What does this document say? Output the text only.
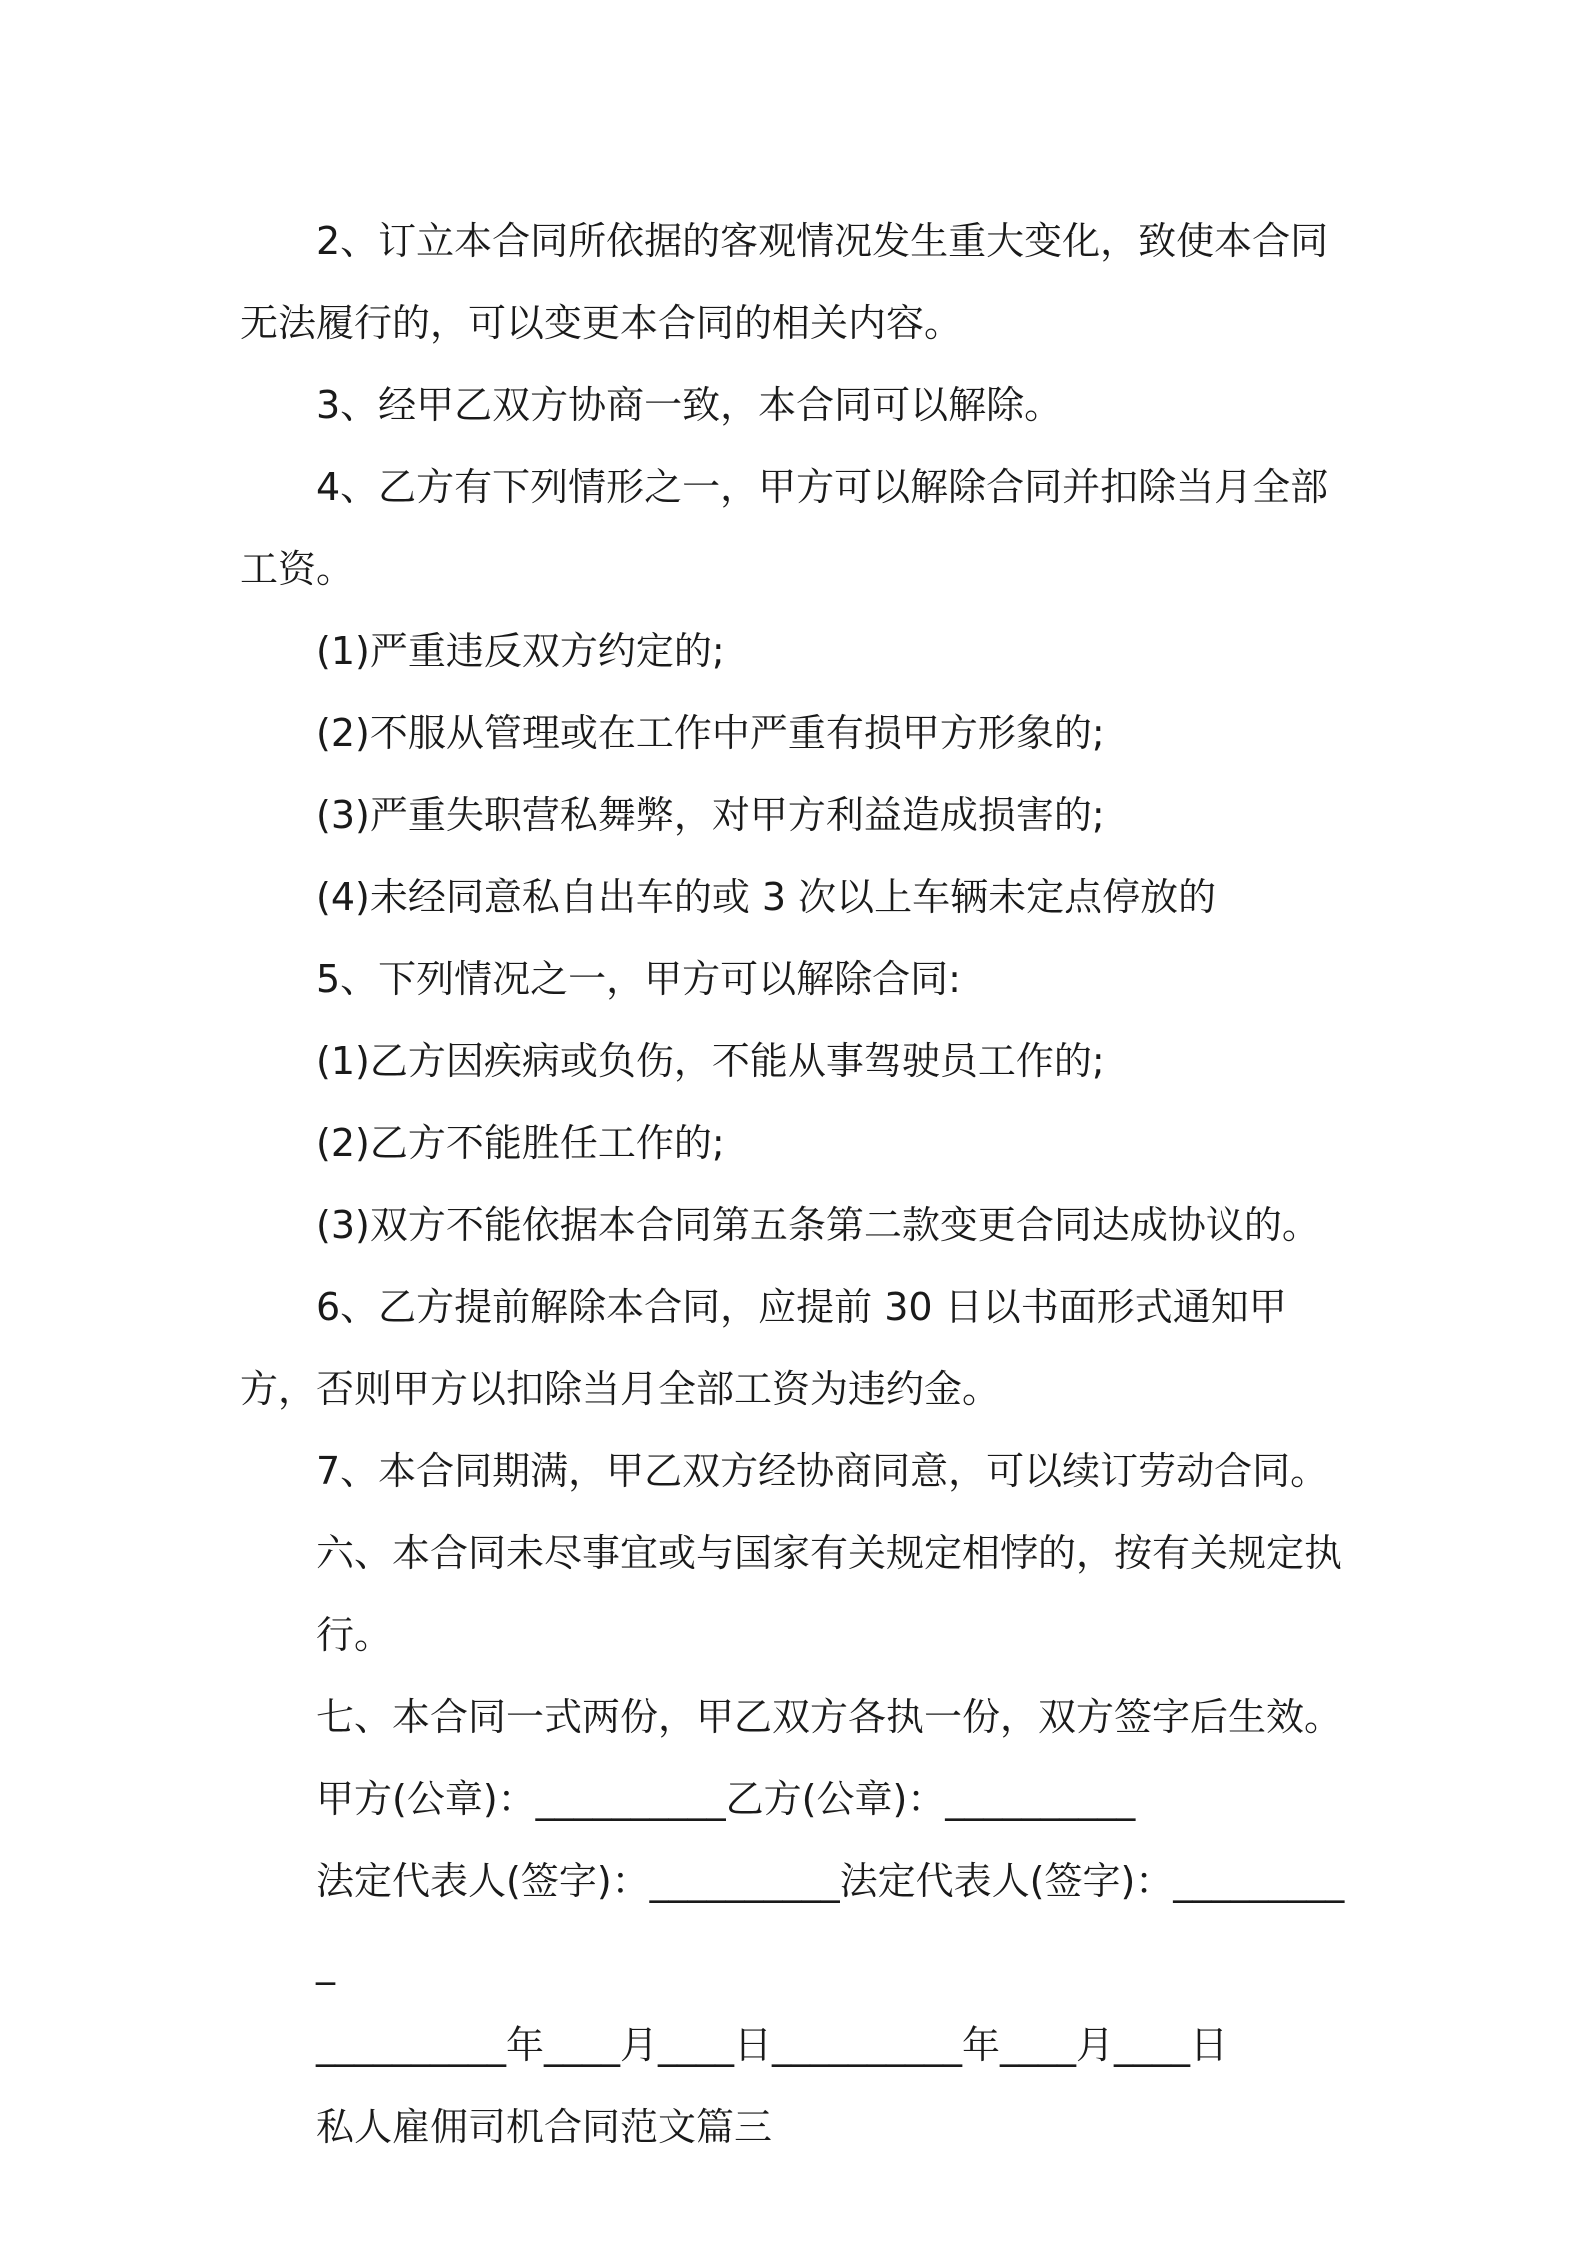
2、订立本合同所依据的客观情况发生重大变化，致使本合同无法履行的，可以变更本合同的相关内容。

3、经甲乙双方协商一致，本合同可以解除。

4、乙方有下列情形之一，甲方可以解除合同并扣除当月全部工资。

(1)严重违反双方约定的;

(2)不服从管理或在工作中严重有损甲方形象的;

(3)严重失职营私舞弊，对甲方利益造成损害的;

(4)未经同意私自出车的或 3 次以上车辆未定点停放的

5、下列情况之一，甲方可以解除合同:

(1)乙方因疾病或负伤，不能从事驾驶员工作的;

(2)乙方不能胜任工作的;

(3)双方不能依据本合同第五条第二款变更合同达成协议的。

6、乙方提前解除本合同，应提前 30 日以书面形式通知甲方，否则甲方以扣除当月全部工资为违约金。

7、本合同期满，甲乙双方经协商同意，可以续订劳动合同。

六、本合同未尽事宜或与国家有关规定相悖的，按有关规定执行。

七、本合同一式两份，甲乙双方各执一份，双方签字后生效。

甲方(公章)：__________乙方(公章)：__________

法定代表人(签字)：__________法定代表人(签字)：__________

__________年____月____日__________年____月____日

私人雇佣司机合同范文篇三
